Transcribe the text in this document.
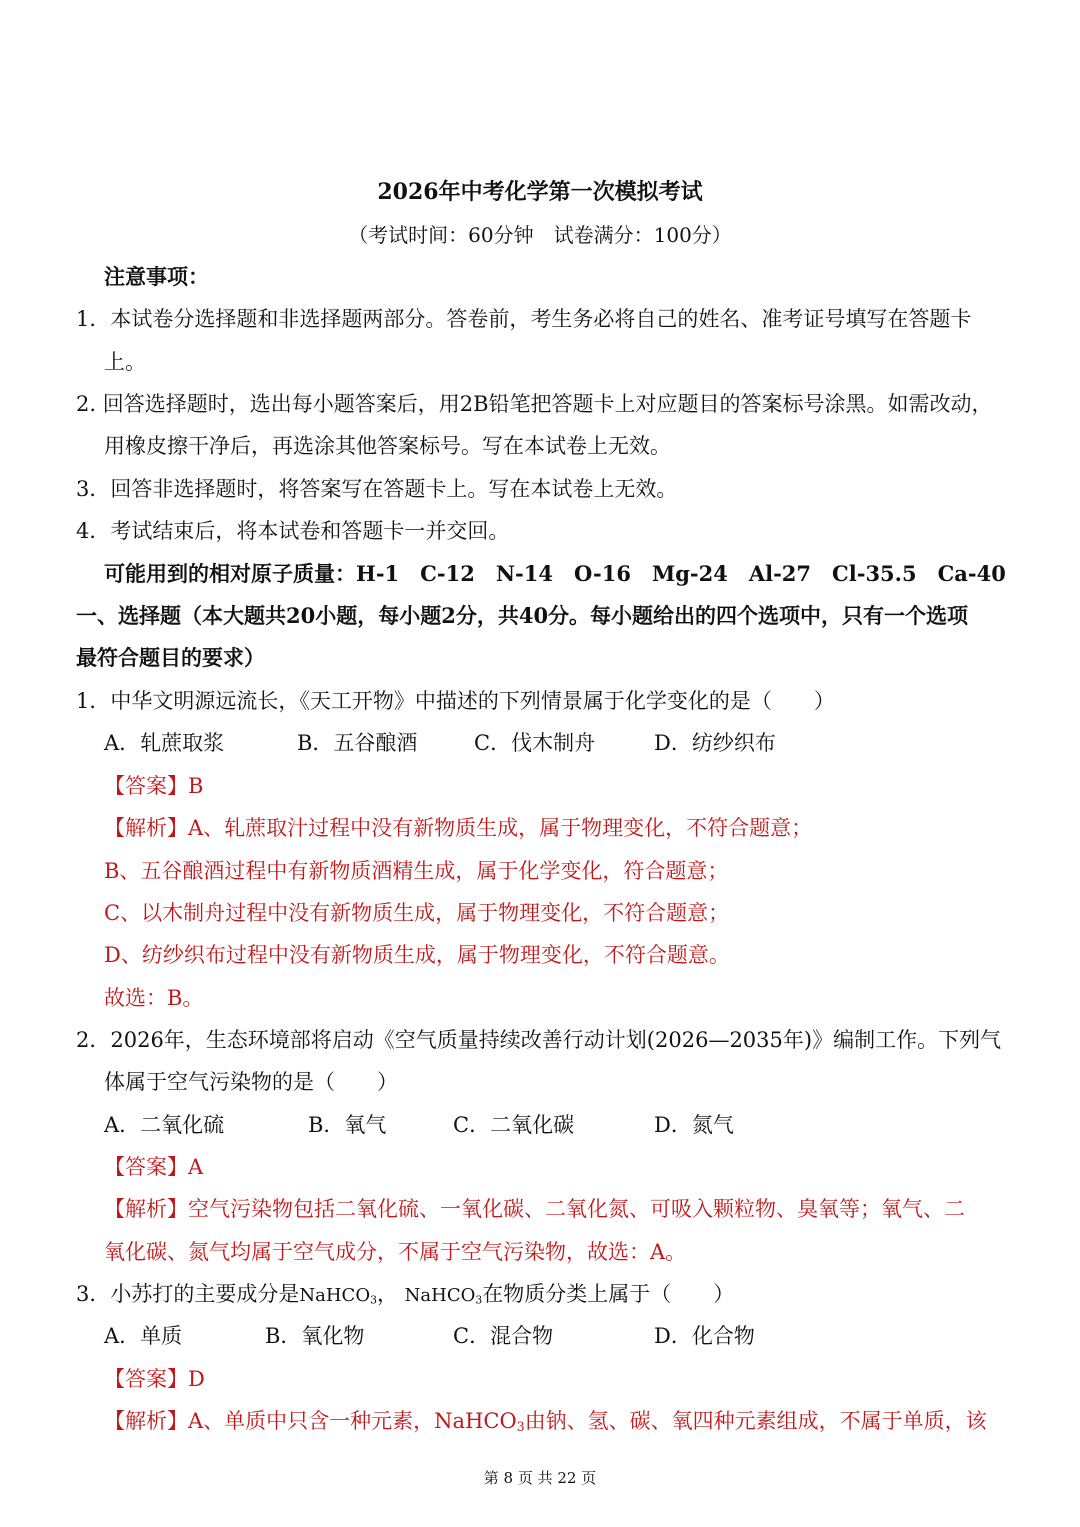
2026年中考化学第一次模拟考试
（考试时间：60分钟　试卷满分：100分）
注意事项：
1．本试卷分选择题和非选择题两部分。答卷前，考生务必将自己的姓名、准考证号填写在答题卡
上。
2. 回答选择题时，选出每小题答案后，用2B铅笔把答题卡上对应题目的答案标号涂黑。如需改动，
用橡皮擦干净后，再选涂其他答案标号。写在本试卷上无效。
3．回答非选择题时，将答案写在答题卡上。写在本试卷上无效。
4．考试结束后，将本试卷和答题卡一并交回。
可能用到的相对原子质量：H-1　C-12　N-14　O-16　Mg-24　Al-27　Cl-35.5　Ca-40
一、选择题（本大题共20小题，每小题2分，共40分。每小题给出的四个选项中，只有一个选项
最符合题目的要求）
1．中华文明源远流长，《天工开物》中描述的下列情景属于化学变化的是（　　）
A．轧蔗取浆	B．五谷酿酒	C．伐木制舟	D．纺纱织布
【答案】B
【解析】A、轧蔗取汁过程中没有新物质生成，属于物理变化，不符合题意；
B、五谷酿酒过程中有新物质酒精生成，属于化学变化，符合题意；
C、以木制舟过程中没有新物质生成，属于物理变化，不符合题意；
D、纺纱织布过程中没有新物质生成，属于物理变化，不符合题意。
故选：B。
2．2026年，生态环境部将启动《空气质量持续改善行动计划(2026—2035年)》编制工作。下列气
体属于空气污染物的是（　　）
A．二氧化硫	B．氧气	C．二氧化碳	D．氮气
【答案】A
【解析】空气污染物包括二氧化硫、一氧化碳、二氧化氮、可吸入颗粒物、臭氧等；氧气、二
氧化碳、氮气均属于空气成分，不属于空气污染物，故选：A。
3．小苏打的主要成分是NaHCO$_3$， NaHCO$_3$在物质分类上属于（　　）
A．单质	B．氧化物	C．混合物	D．化合物
【答案】D
【解析】A、单质中只含一种元素，NaHCO$_3$由钠、氢、碳、氧四种元素组成，不属于单质，该
第 8 页 共 22 页
